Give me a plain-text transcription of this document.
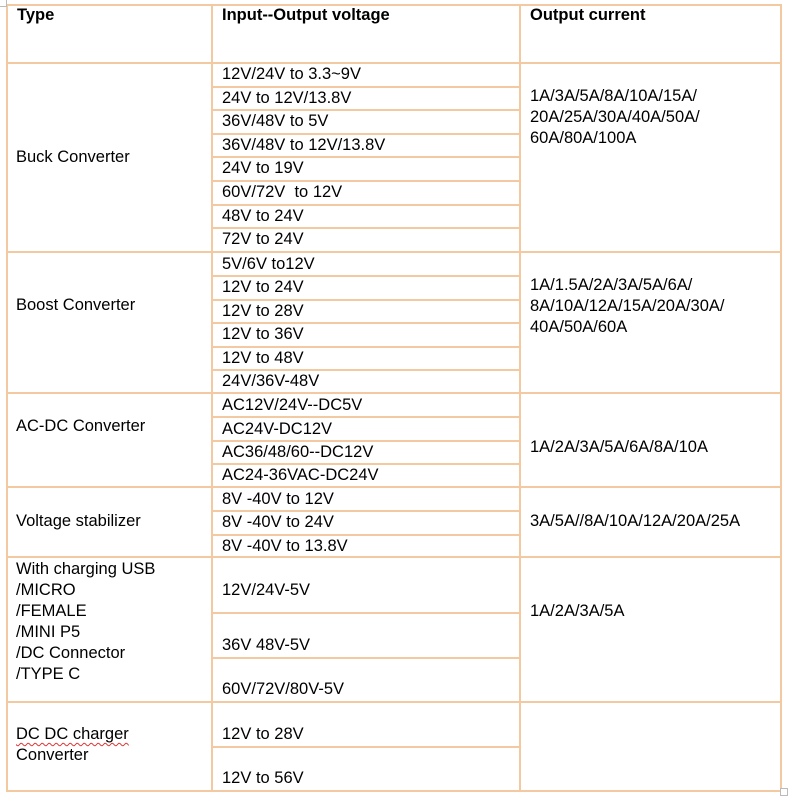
Type	Input--Output voltage	Output current
Buck Converter
12V/24V to 3.3~9V
24V to 12V/13.8V
36V/48V to 5V
36V/48V to 12V/13.8V
24V to 19V
60V/72V  to 12V
48V to 24V
72V to 24V
1A/3A/5A/8A/10A/15A/
20A/25A/30A/40A/50A/
60A/80A/100A
Boost Converter
5V/6V to12V
12V to 24V
12V to 28V
12V to 36V
12V to 48V
24V/36V-48V
1A/1.5A/2A/3A/5A/6A/
8A/10A/12A/15A/20A/30A/
40A/50A/60A
AC-DC Converter
AC12V/24V--DC5V
AC24V-DC12V
AC36/48/60--DC12V
AC24-36VAC-DC24V
1A/2A/3A/5A/6A/8A/10A
Voltage stabilizer
8V -40V to 12V
8V -40V to 24V
8V -40V to 13.8V
3A/5A//8A/10A/12A/20A/25A
With charging USB
/MICRO
/FEMALE
/MINI P5
/DC Connector
/TYPE C
12V/24V-5V
36V 48V-5V
60V/72V/80V-5V
1A/2A/3A/5A
DC DC charger
Converter
12V to 28V
12V to 56V
